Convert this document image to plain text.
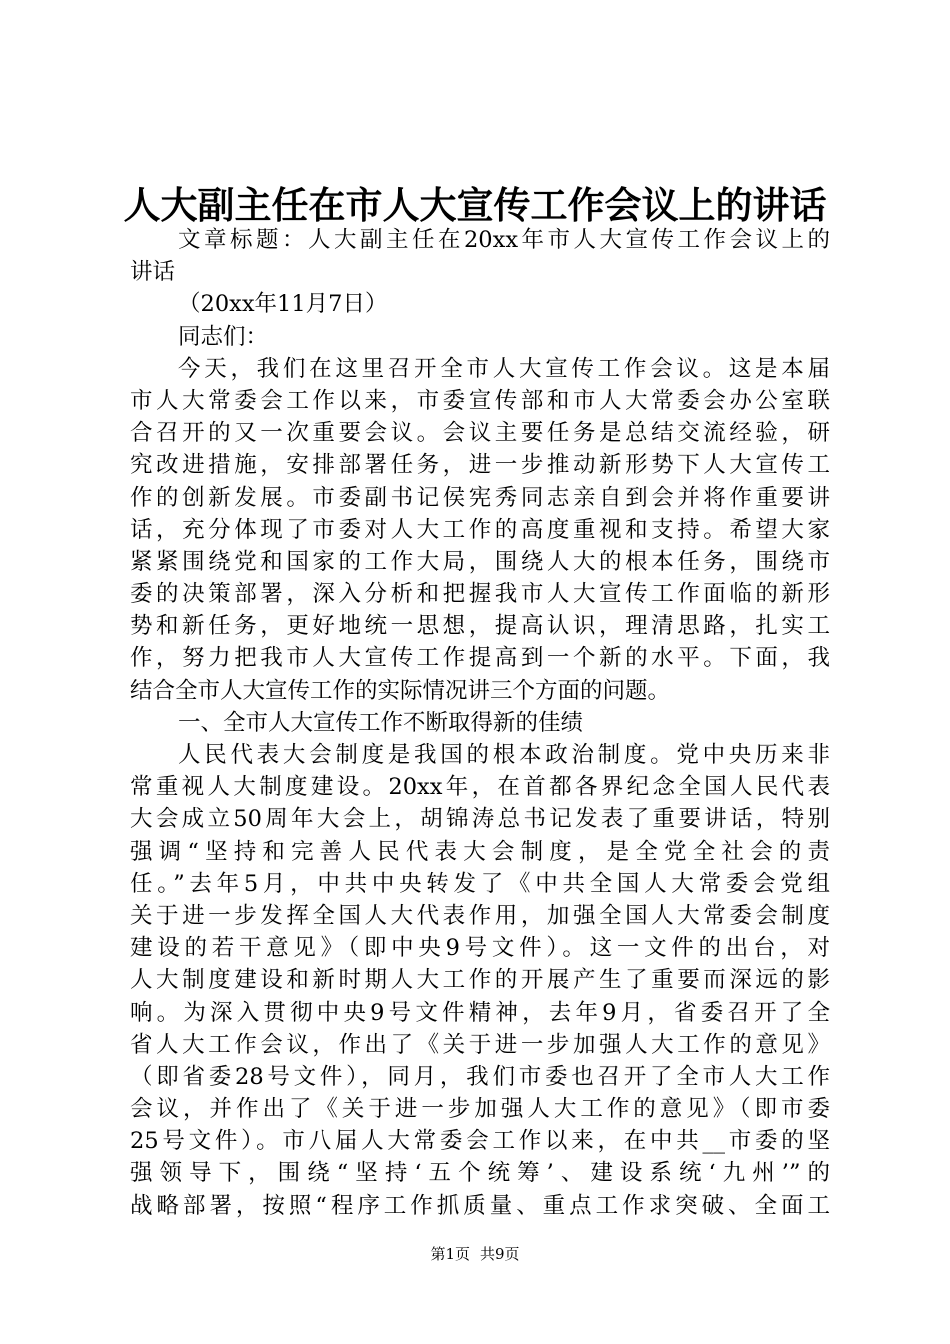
人大副主任在市人大宣传工作会议上的讲话
文章标题：人大副主任在20xx年市人大宣传工作会议上的
讲话
（20xx年11月7日）
同志们：
今天，我们在这里召开全市人大宣传工作会议。这是本届
市人大常委会工作以来，市委宣传部和市人大常委会办公室联
合召开的又一次重要会议。会议主要任务是总结交流经验，研
究改进措施，安排部署任务，进一步推动新形势下人大宣传工
作的创新发展。市委副书记侯宪秀同志亲自到会并将作重要讲
话，充分体现了市委对人大工作的高度重视和支持。希望大家
紧紧围绕党和国家的工作大局，围绕人大的根本任务，围绕市
委的决策部署，深入分析和把握我市人大宣传工作面临的新形
势和新任务，更好地统一思想，提高认识，理清思路，扎实工
作，努力把我市人大宣传工作提高到一个新的水平。下面，我
结合全市人大宣传工作的实际情况讲三个方面的问题。
一、全市人大宣传工作不断取得新的佳绩
人民代表大会制度是我国的根本政治制度。党中央历来非
常重视人大制度建设。20xx年，在首都各界纪念全国人民代表
大会成立50周年大会上，胡锦涛总书记发表了重要讲话，特别
强调“坚持和完善人民代表大会制度，是全党全社会的责
任。”去年5月，中共中央转发了《中共全国人大常委会党组
关于进一步发挥全国人大代表作用，加强全国人大常委会制度
建设的若干意见》（即中央9号文件）。这一文件的出台，对
人大制度建设和新时期人大工作的开展产生了重要而深远的影
响。为深入贯彻中央9号文件精神，去年9月，省委召开了全
省人大工作会议，作出了《关于进一步加强人大工作的意见》
（即省委28号文件），同月，我们市委也召开了全市人大工作
会议，并作出了《关于进一步加强人大工作的意见》（即市委
25号文件）。市八届人大常委会工作以来，在中共__市委的坚
强领导下，围绕“坚持‘五个统筹’、建设系统‘九州’”的
战略部署，按照“程序工作抓质量、重点工作求突破、全面工
第1页 共9页
